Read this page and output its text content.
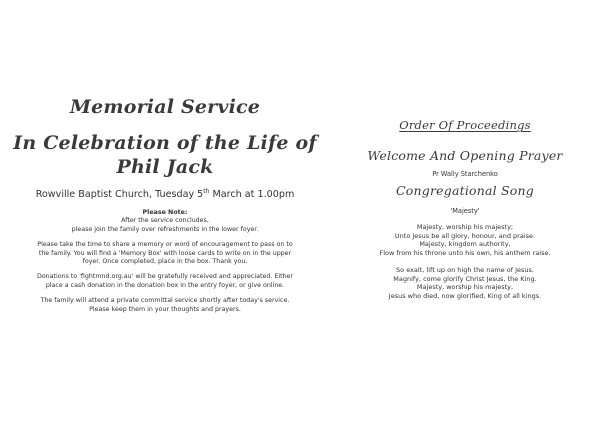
Memorial Service
In Celebration of the Life of
Phil Jack
Rowville Baptist Church, Tuesday 5th March at 1.00pm

Please Note:
After the service concludes,
please join the family over refreshments in the lower foyer.

Please take the time to share a memory or word of encouragement to pass on to
the family. You will find a 'Memory Box' with loose cards to write on in the upper
foyer. Once completed, place in the box. Thank you.

Donations to 'fightmnd.org.au' will be gratefully received and appreciated. Either
place a cash donation in the donation box in the entry foyer, or give online.

The family will attend a private committal service shortly after today's service.
Please keep them in your thoughts and prayers.

Order Of Proceedings
Welcome And Opening Prayer
Pr Wally Starchenko
Congregational Song
'Majesty'

Majesty, worship his majesty;
Unto Jesus be all glory, honour, and praise.
Majesty, kingdom authority,
Flow from his throne unto his own, his anthem raise.

So exalt, lift up on high the name of Jesus.
Magnify, come glorify Christ Jesus, the King.
Majesty, worship his majesty,
Jesus who died, now glorified, King of all kings.
